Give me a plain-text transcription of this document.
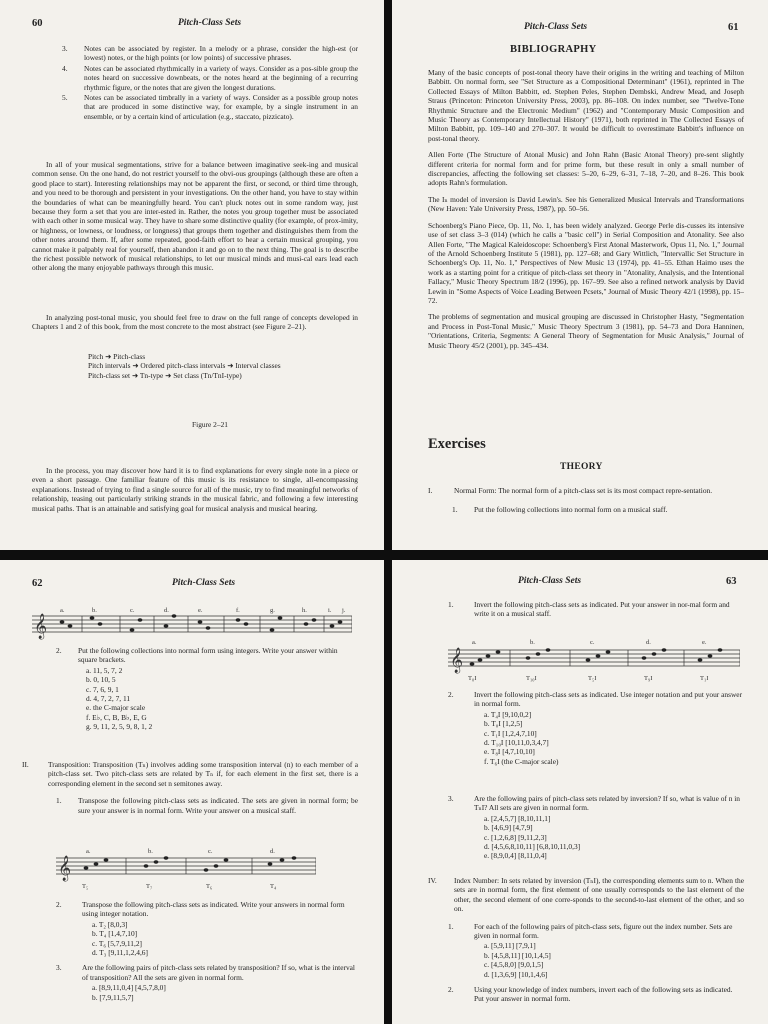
60	Pitch-Class Sets
3. Notes can be associated by register. In a melody or a phrase, consider the high-est (or lowest) notes, or the high points (or low points) of successive phrases.
4. Notes can be associated rhythmically in a variety of ways. Consider as a pos-sible group the notes heard on successive downbeats, or the notes heard at the beginning of a recurring rhythmic figure, or the notes that are given the longest durations.
5. Notes can be associated timbrally in a variety of ways. Consider as a possible group notes that are produced in some distinctive way, for example, by a single instrument in an ensemble, or by a certain kind of articulation (e.g., staccato, pizzicato).
In all of your musical segmentations, strive for a balance between imaginative seek-ing and musical common sense. On the one hand, do not restrict yourself to the obvi-ous groupings (although these are often a good place to start). Interesting relationships may not be apparent the first, or second, or third time through, and you need to be thorough and persistent in your investigations. On the other hand, you have to stay within the boundaries of what can be meaningfully heard. You can't pluck notes out in some random way, just because they form a set that you are inter-ested in. Rather, the notes you group together must be associated with each other in some musical way. They have to share some distinctive quality (for example, of prox-imity, or highness, or lowness, or loudness, or longness) that groups them together and distinguishes them from the other notes around them. If, after some repeated, good-faith effort to hear a certain musical grouping, you cannot make it palpably real for yourself, then abandon it and go on to the next thing. The goal is to describe the richest possible network of musical relationships, to let our musical minds and musi-cal ears lead each other along the many enjoyable pathways through this music.
In analyzing post-tonal music, you should feel free to draw on the full range of concepts developed in Chapters 1 and 2 of this book, from the most concrete to the most abstract (see Figure 2–21).
Pitch ➜ Pitch-class
Pitch intervals ➜ Ordered pitch-class intervals ➜ Interval classes
Pitch-class set ➜ Tn-type ➜ Set class (Tn/TnI-type)
Figure 2–21
In the process, you may discover how hard it is to find explanations for every single note in a piece or even a short passage. One familiar feature of this music is its resistance to single, all-encompassing explanations. Instead of trying to find a single source for all of the music, try to find meaningful networks of relationship, teasing out particularly striking strands in the musical fabric, and following a few interesting musical paths. That is an attainable and satisfying goal for musical analysis and musical hearing.
Pitch-Class Sets	61
BIBLIOGRAPHY
Many of the basic concepts of post-tonal theory have their origins in the writing and teaching of Milton Babbitt. On normal form, see "Set Structure as a Compositional Determinant" (1961), reprinted in The Collected Essays of Milton Babbitt, ed. Stephen Peles, Stephen Dembski, Andrew Mead, and Joseph Straus (Princeton: Princeton University Press, 2003), pp. 86–108. On index number, see "Twelve-Tone Rhythmic Structure and the Electronic Medium" (1962) and "Contemporary Music Composition and Music Theory as Contemporary Intellectual History" (1971), both reprinted in The Collected Essays of Milton Babbitt, pp. 109–140 and 270–307. It would be difficult to overestimate Babbitt's influence on post-tonal theory.
Allen Forte (The Structure of Atonal Music) and John Rahn (Basic Atonal Theory) pre-sent slightly different criteria for normal form and for prime form, but these result in only a small number of discrepancies, affecting the following set classes: 5–20, 6–29, 6–31, 7–18, 7–20, and 8–26. This book adopts Rahn's formulation.
The Iₙ model of inversion is David Lewin's. See his Generalized Musical Intervals and Transformations (New Haven: Yale University Press, 1987), pp. 50–56.
Schoenberg's Piano Piece, Op. 11, No. 1, has been widely analyzed. George Perle dis-cusses its intensive use of set class 3–3 (014) (which he calls a "basic cell") in Serial Composition and Atonality. See also Allen Forte, "The Magical Kaleidoscope: Schoenberg's First Atonal Masterwork, Opus 11, No. 1," Journal of the Arnold Schoenberg Institute 5 (1981), pp. 127–68; and Gary Wittlich, "Intervallic Set Structure in Schoenberg's Op. 11, No. 1," Perspectives of New Music 13 (1974), pp. 41–55. Ethan Haimo uses the work as a starting point for a critique of pitch-class set theory in "Atonality, Analysis, and the Intentional Fallacy," Music Theory Spectrum 18/2 (1996), pp. 167–99. See also a refined network analysis by David Lewin in "Some Aspects of Voice Leading Between Pcsets," Journal of Music Theory 42/1 (1998), pp. 15–72.
The problems of segmentation and musical grouping are discussed in Christopher Hasty, "Segmentation and Process in Post-Tonal Music," Music Theory Spectrum 3 (1981), pp. 54–73 and Dora Hanninen, "Orientations, Criteria, Segments: A General Theory of Segmentation for Music Analysis," Journal of Music Theory 45/2 (2001), pp. 345–434.
Exercises
THEORY
I.	Normal Form: The normal form of a pitch-class set is its most compact repre-sentation.
1. Put the following collections into normal form on a musical staff.
62	Pitch-Class Sets
𝄞
a.	b.	c.	d.	e.	f.	g.	h.	i. j.
2. Put the following collections into normal form using integers. Write your answer within square brackets.
a. 11, 5, 7, 2
b. 0, 10, 5
c. 7, 6, 9, 1
d. 4, 7, 2, 7, 11
e. the C-major scale
f. E♭, C, B, B♭, E, G
g. 9, 11, 2, 5, 9, 8, 1, 2
II.	Transposition: Transposition (Tₙ) involves adding some transposition interval (n) to each member of a pitch-class set. Two pitch-class sets are related by Tₙ if, for each element in the first set, there is a corresponding element in the second set n semitones away.
1. Transpose the following pitch-class sets as indicated. The sets are given in normal form; be sure your answer is in normal form. Write your answer on a musical staff.
𝄞
a.	b.	c.	d.
T₅	T₇	T₆	T₄
2.	Transpose the following pitch-class sets as indicated. Write your answers in normal form using integer notation.
a. T₂ [8,0,3]
b. T₄ [1,4,7,10]
c. T₆ [5,7,9,11,2]
d. T₃ [9,11,1,2,4,6]
3.	Are the following pairs of pitch-class sets related by transposition? If so, what is the interval of transposition? All the sets are given in normal form.
a. [8,9,11,0,4] [4,5,7,8,0]
b. [7,9,11,5,7]
Pitch-Class Sets	63
1.	Invert the following pitch-class sets as indicated. Put your answer in nor-mal form and write it on a musical staff.
𝄞
a.	b.	c.	d.	e.
T₀I	T₁₀I	T₅I	T₉I	T₁I
2.	Invert the following pitch-class sets as indicated. Use integer notation and put your answer in normal form.
a. T₄I [9,10,0,2]
b. T₀I [1,2,5]
c. T₁I [1,2,4,7,10]
d. T₁₀I [10,11,0,3,4,7]
e. T₈I [4,7,10,10]
f. T₆I (the C-major scale)
3.	Are the following pairs of pitch-class sets related by inversion? If so, what is value of n in TₙI? All sets are given in normal form.
a. [2,4,5,7] [8,10,11,1]
b. [4,6,9] [4,7,9]
c. [1,2,6,8] [9,11,2,3]
d. [4,5,6,8,10,11] [6,8,10,11,0,3]
e. [8,9,0,4] [8,11,0,4]
IV. Index Number: In sets related by inversion (TₙI), the corresponding elements sum to n. When the sets are in normal form, the first element of one usually corresponds to the last element of the other, the second element of one corre-sponds to the second-to-last element of the other, and so on.
1.	For each of the following pairs of pitch-class sets, figure out the index number. Sets are given in normal form.
a. [5,9,11] [7,9,1]
b. [4,5,8,11] [10,1,4,5]
c. [4,5,8,0] [9,0,1,5]
d. [1,3,6,9] [10,1,4,6]
2.	Using your knowledge of index numbers, invert each of the following sets as indicated. Put your answer in normal form.
